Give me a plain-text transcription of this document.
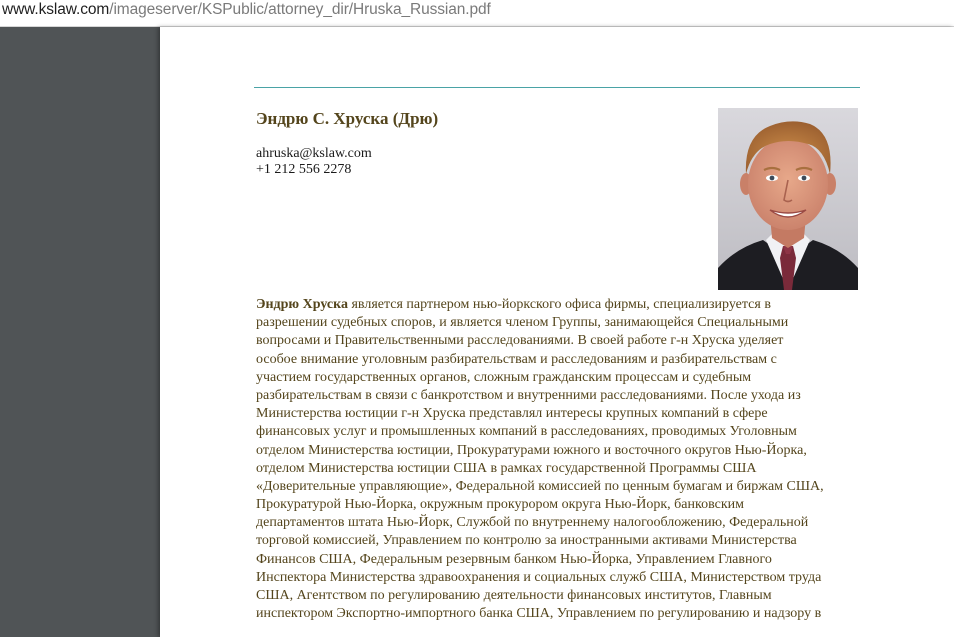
www.kslaw.com/imageserver/KSPublic/attorney_dir/Hruska_Russian.pdf
Эндрю С. Хруска (Дрю)
ahruska@kslaw.com
+1 212 556 2278
Эндрю Хруска является партнером нью-йоркского офиса фирмы, специализируется в
разрешении судебных споров, и является членом Группы, занимающейся Специальными
вопросами и Правительственными расследованиями. В своей работе г-н Хруска уделяет
особое внимание уголовным разбирательствам и расследованиям и разбирательствам с
участием государственных органов, сложным гражданским процессам и судебным
разбирательствам в связи с банкротством и внутренними расследованиями. После ухода из
Министерства юстиции г-н Хруска представлял интересы крупных компаний в сфере
финансовых услуг и промышленных компаний в расследованиях, проводимых Уголовным
отделом Министерства юстиции, Прокуратурами южного и восточного округов Нью-Йорка,
отделом Министерства юстиции США в рамках государственной Программы США
«Доверительные управляющие», Федеральной комиссией по ценным бумагам и биржам США,
Прокуратурой Нью-Йорка, окружным прокурором округа Нью-Йорк, банковским
департаментов штата Нью-Йорк, Службой по внутреннему налогообложению, Федеральной
торговой комиссией, Управлением по контролю за иностранными активами Министерства
Финансов США, Федеральным резервным банком Нью-Йорка, Управлением Главного
Инспектора Министерства здравоохранения и социальных служб США, Министерством труда
США, Агентством по регулированию деятельности финансовых институтов, Главным
инспектором Экспортно-импортного банка США, Управлением по регулированию и надзору в
